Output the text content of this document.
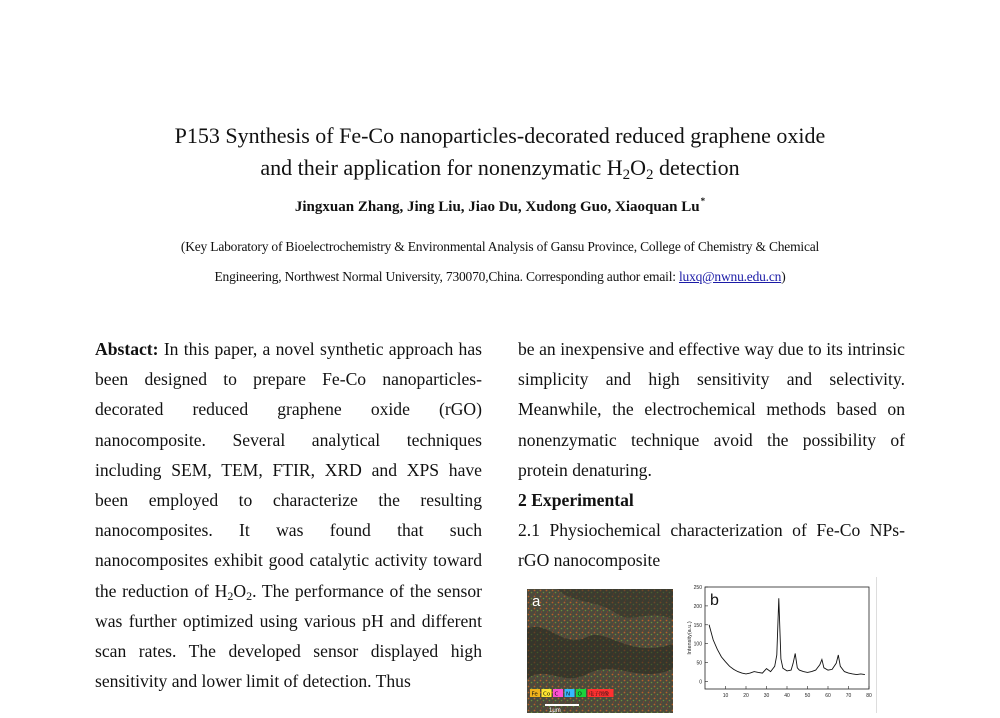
P153 Synthesis of Fe-Co nanoparticles-decorated reduced graphene oxide
and their application for nonenzymatic $H_2O_2$ detection
Jingxuan Zhang, Jing Liu, Jiao Du, Xudong Guo, Xiaoquan Lu*
(Key Laboratory of Bioelectrochemistry & Environmental Analysis of Gansu Province, College of Chemistry & Chemical
Engineering, Northwest Normal University, 730070,China. Corresponding author email: luxq@nwnu.edu.cn)

Abstact: In this paper, a novel synthetic approach has been designed to prepare Fe-Co nanoparticles-decorated reduced graphene oxide (rGO) nanocomposite. Several analytical techniques including SEM, TEM, FTIR, XRD and XPS have been employed to characterize the resulting nanocomposites. It was found that such nanocomposites exhibit good catalytic activity toward the reduction of $H_2O_2$. The performance of the sensor was further optimized using various pH and different scan rates. The developed sensor displayed high sensitivity and lower limit of detection. Thus

be an inexpensive and effective way due to its intrinsic simplicity and high sensitivity and selectivity. Meanwhile, the electrochemical methods based on nonenzymatic technique avoid the possibility of protein denaturing.

2 Experimental

2.1 Physiochemical characterization of Fe-Co NPs-rGO nanocomposite

a
Fe Co C N O 电子图像
1μm
0
50
100
150
200
250
10	20	30	40	50	60	70	80
Intensity(a.u.)
b
